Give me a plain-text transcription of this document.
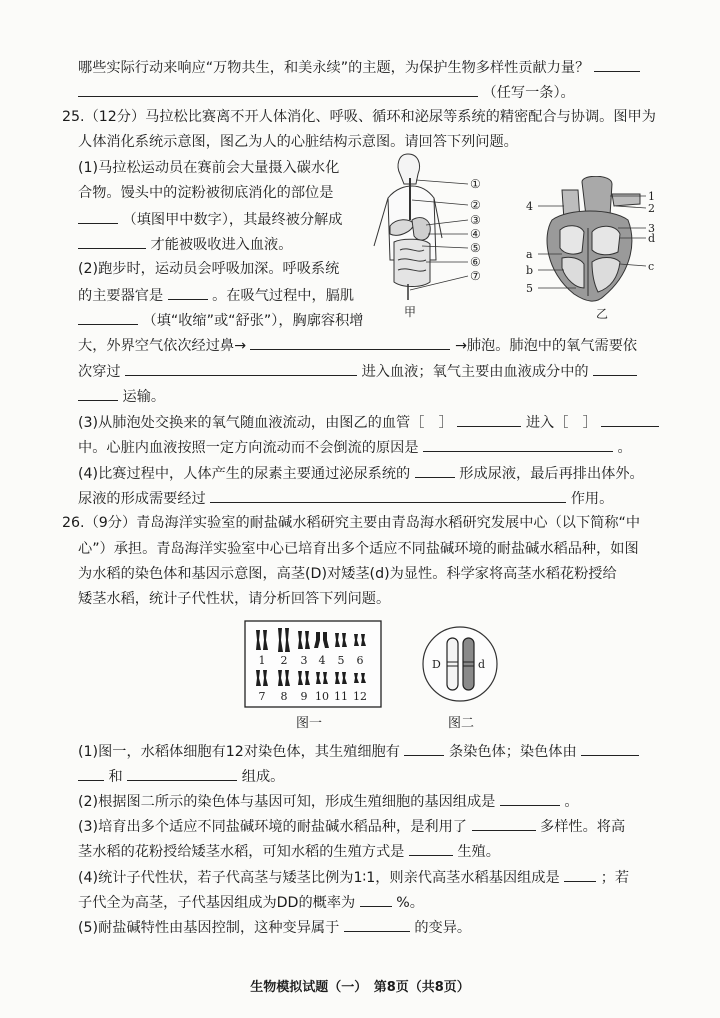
哪些实际行动来响应“万物共生，和美永续”的主题，为保护生物多样性贡献力量？
（任写一条）。
25.（12分）马拉松比赛离不开人体消化、呼吸、循环和泌尿等系统的精密配合与协调。图甲为
人体消化系统示意图，图乙为人的心脏结构示意图。请回答下列问题。
(1)马拉松运动员在赛前会大量摄入碳水化
合物。馒头中的淀粉被彻底消化的部位是
（填图甲中数字），其最终被分解成
才能被吸收进入血液。
(2)跑步时，运动员会呼吸加深。呼吸系统
的主要器官是	。在吸气过程中，膈肌
（填“收缩”或“舒张”），胸廓容积增
大，外界空气依次经过鼻→	→肺泡。肺泡中的氧气需要依
次穿过	进入血液；氧气主要由血液成分中的
运输。
(3)从肺泡处交换来的氧气随血液流动，由图乙的血管［　］	进入［　］
中。心脏内血液按照一定方向流动而不会倒流的原因是	。
(4)比赛过程中，人体产生的尿素主要通过泌尿系统的	形成尿液，最后再排出体外。
尿液的形成需要经过	作用。
①
②
③
④
⑤
⑥
⑦
甲
1
2
3
d
c
4
a
b
5
乙
26.（9分）青岛海洋实验室的耐盐碱水稻研究主要由青岛海水稻研究发展中心（以下简称“中
心”）承担。青岛海洋实验室中心已培育出多个适应不同盐碱环境的耐盐碱水稻品种，如图
为水稻的染色体和基因示意图，高茎(D)对矮茎(d)为显性。科学家将高茎水稻花粉授给
矮茎水稻，统计子代性状，请分析回答下列问题。
1 2 3 4 5 6
7 8 9 10 11 12
图一
D	d
图二
(1)图一，水稻体细胞有12对染色体，其生殖细胞有	条染色体；染色体由
和	组成。
(2)根据图二所示的染色体与基因可知，形成生殖细胞的基因组成是	。
(3)培育出多个适应不同盐碱环境的耐盐碱水稻品种，是利用了	多样性。将高
茎水稻的花粉授给矮茎水稻，可知水稻的生殖方式是	生殖。
(4)统计子代性状，若子代高茎与矮茎比例为1∶1，则亲代高茎水稻基因组成是	；若
子代全为高茎，子代基因组成为DD的概率为	%。
(5)耐盐碱特性由基因控制，这种变异属于	的变异。
生物模拟试题（一）　第8页（共8页）
